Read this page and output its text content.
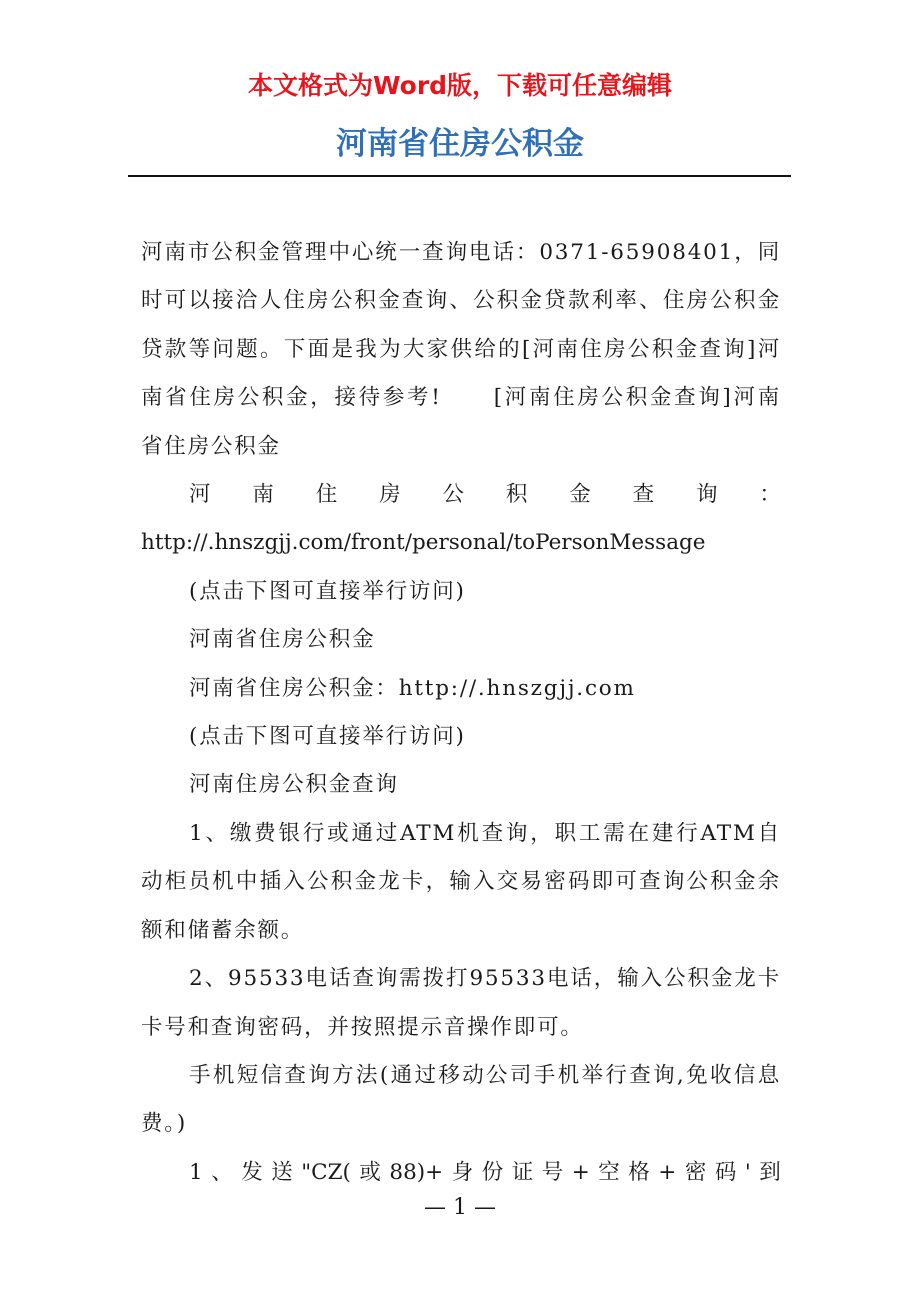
本文格式为Word版，下载可任意编辑
河南省住房公积金

河南市公积金管理中心统一查询电话：0371-65908401，同时可以接洽人住房公积金查询、公积金贷款利率、住房公积金贷款等问题。下面是我为大家供给的[河南住房公积金查询]河南省住房公积金，接待参考! [河南住房公积金查询]河南省住房公积金

河 南 住 房 公 积 金 查 询 ：

http://.hnszgjj.com/front/personal/toPersonMessage

(点击下图可直接举行访问)

河南省住房公积金

河南省住房公积金：http://.hnszgjj.com

(点击下图可直接举行访问)

河南住房公积金查询

1、缴费银行或通过ATM机查询，职工需在建行ATM自动柜员机中插入公积金龙卡，输入交易密码即可查询公积金余额和储蓄余额。

2、95533电话查询需拨打95533电话，输入公积金龙卡卡号和查询密码，并按照提示音操作即可。

手机短信查询方法(通过移动公司手机举行查询,免收信息费。)

1 、 发 送 "CZ( 或 88)+ 身 份 证 号 + 空 格 + 密 码 ' 到
— 1 —
